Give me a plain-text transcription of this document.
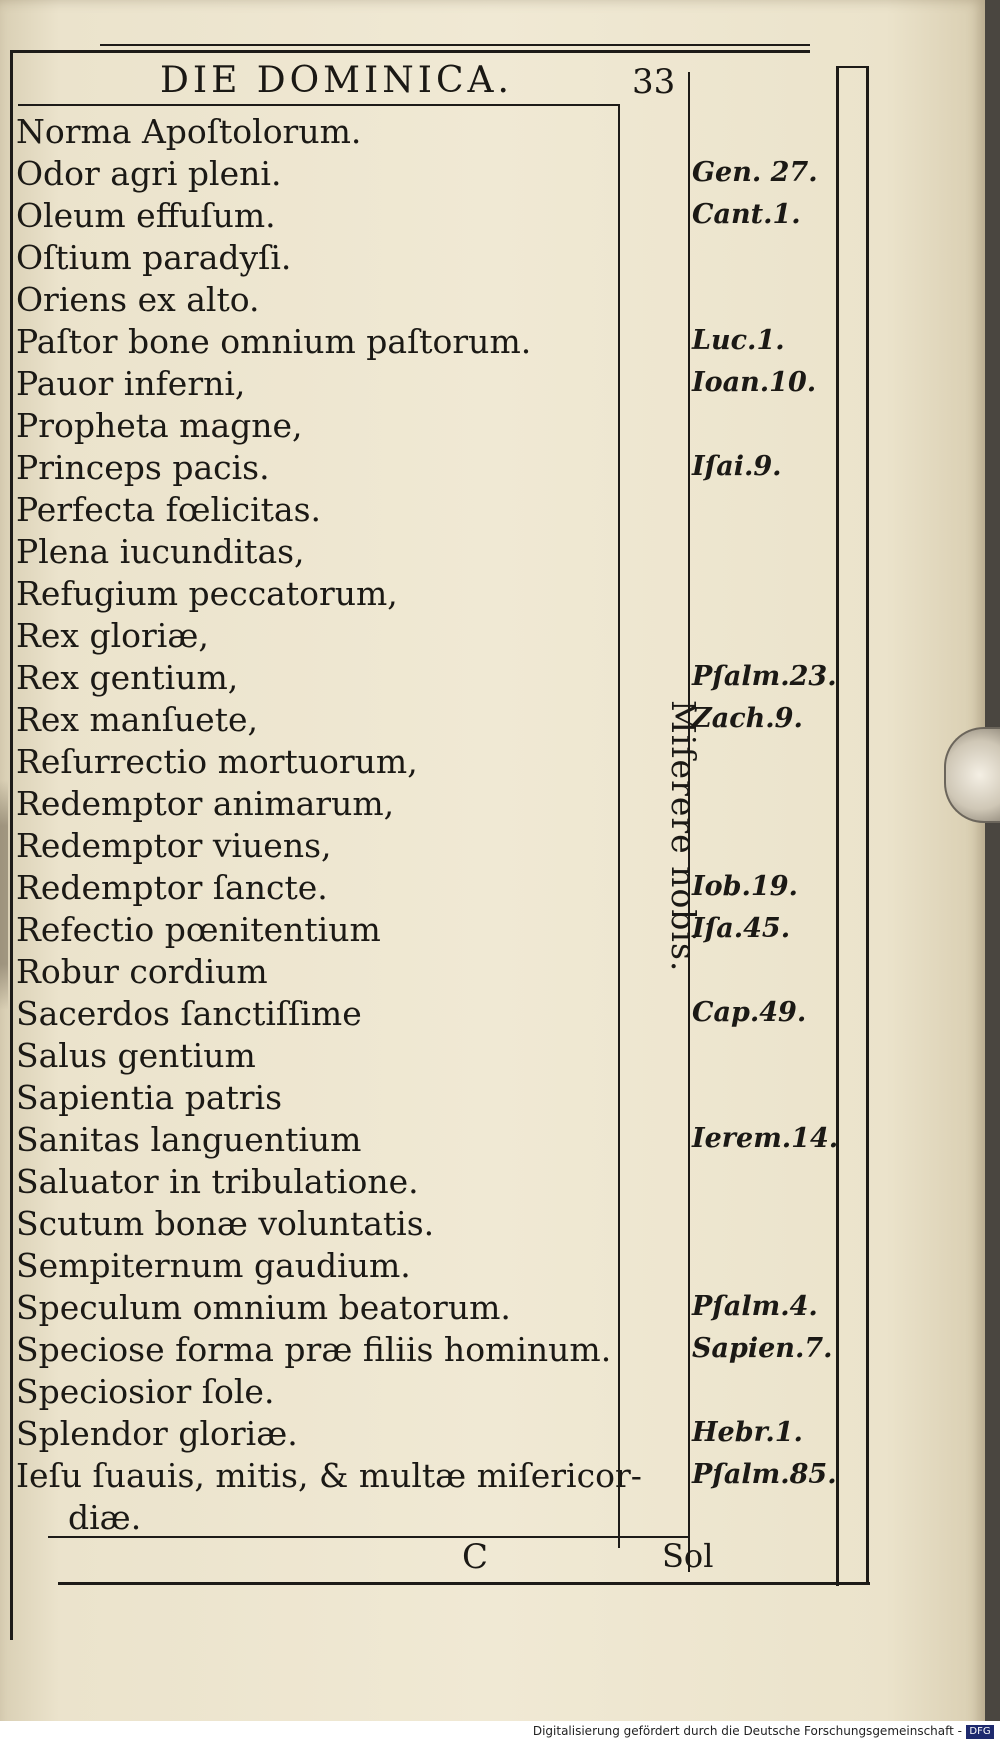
DIE DOMINICA.	33
Norma Apoſtolorum.
Odor agri pleni.
Oleum effuſum.
Oſtium paradyſi.
Oriens ex alto.
Paſtor bone omnium paſtorum.
Pauor inferni,
Propheta magne,
Princeps pacis.
Perfecta fœlicitas.
Plena iucunditas,
Refugium peccatorum,
Rex gloriæ,
Rex gentium,
Rex manſuete,
Reſurrectio mortuorum,
Redemptor animarum,
Redemptor viuens,
Redemptor ſancte.
Refectio pœnitentium
Robur cordium
Sacerdos ſanctiſſime
Salus gentium
Sapientia patris
Sanitas languentium
Saluator in tribulatione.
Scutum bonæ voluntatis.
Sempiternum gaudium.
Speculum omnium beatorum.
Speciose forma præ filiis hominum.
Speciosior ſole.
Splendor gloriæ.
Ieſu ſuauis, mitis, & multæ miſericor-
diæ.
Gen. 27.
Cant.1.
Luc.1.
Ioan.10.
Iſai.9.
Pſalm.23.
Zach.9.
Iob.19.
Iſa.45.
Cap.49.
Ierem.14.
Pſalm.4.
Sapien.7.
Hebr.1.
Pſalm.85.
Miſerere nobis.
C	Sol
Digitalisierung gefördert durch die Deutsche Forschungsgemeinschaft - DFG
